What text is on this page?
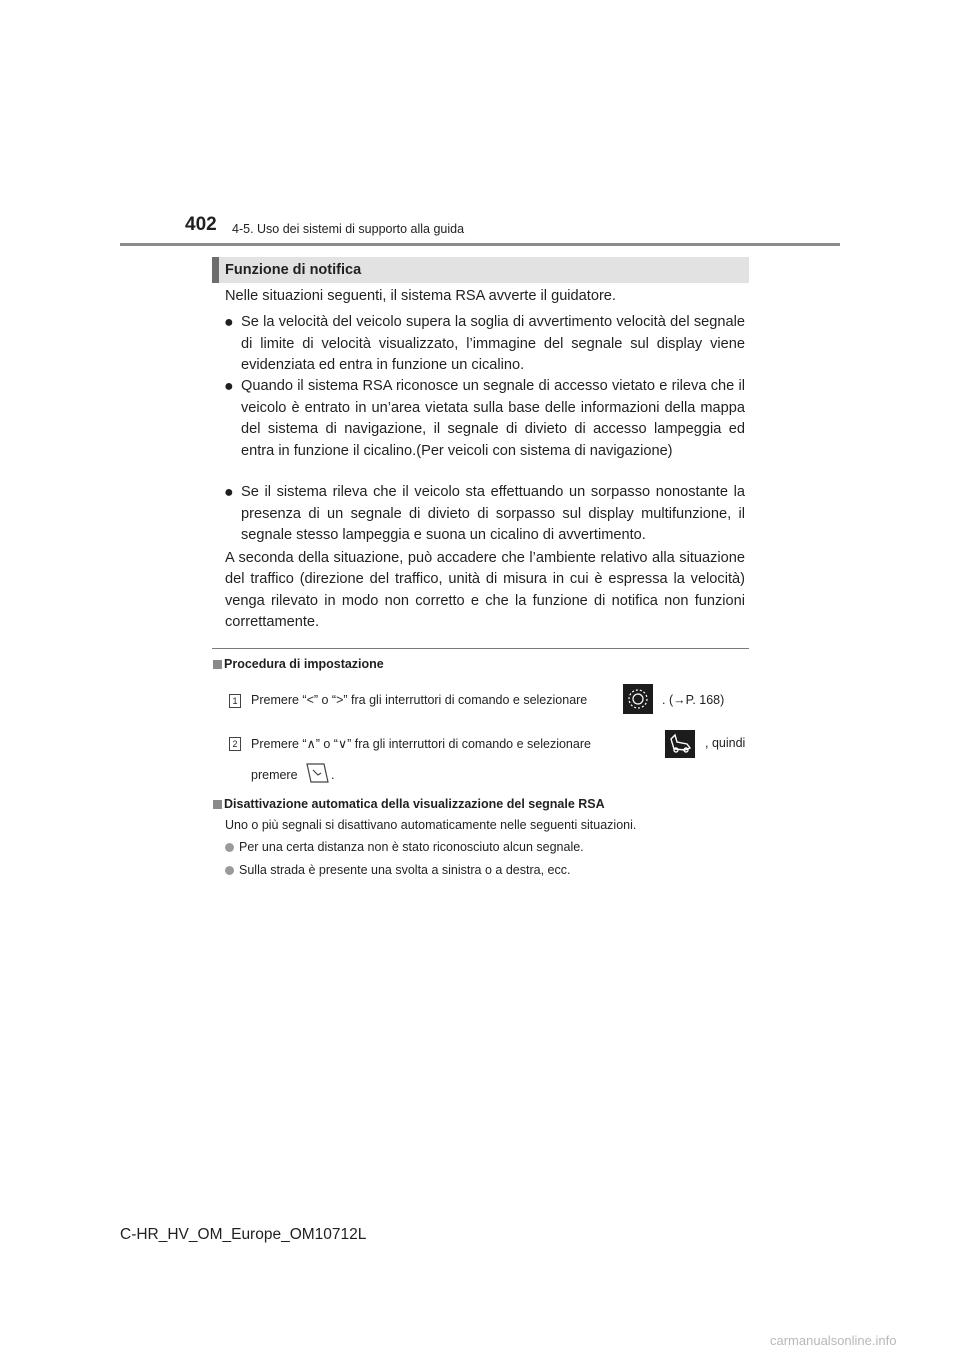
402 4-5. Uso dei sistemi di supporto alla guida
Funzione di notifica
Nelle situazioni seguenti, il sistema RSA avverte il guidatore.
● Se la velocità del veicolo supera la soglia di avvertimento velocità del segnale di limite di velocità visualizzato, l’immagine del segnale sul display viene evidenziata ed entra in funzione un cicalino.
● Quando il sistema RSA riconosce un segnale di accesso vietato e rileva che il veicolo è entrato in un’area vietata sulla base delle informazioni della mappa del sistema di navigazione, il segnale di divieto di accesso lampeggia ed entra in funzione il cicalino.(Per veicoli con sistema di navigazione)
● Se il sistema rileva che il veicolo sta effettuando un sorpasso nonostante la presenza di un segnale di divieto di sorpasso sul display multifunzione, il segnale stesso lampeggia e suona un cicalino di avvertimento.
A seconda della situazione, può accadere che l’ambiente relativo alla situazione del traffico (direzione del traffico, unità di misura in cui è espressa la velocità) venga rilevato in modo non corretto e che la funzione di notifica non funzioni correttamente.
Procedura di impostazione
1 Premere “<” o “>” fra gli interruttori di comando e selezionare	. (→P. 168)
2 Premere “∧” o “∨” fra gli interruttori di comando e selezionare	, quindi
premere	.
Disattivazione automatica della visualizzazione del segnale RSA
Uno o più segnali si disattivano automaticamente nelle seguenti situazioni.
Per una certa distanza non è stato riconosciuto alcun segnale.
Sulla strada è presente una svolta a sinistra o a destra, ecc.
C-HR_HV_OM_Europe_OM10712L
carmanualsonline.info
